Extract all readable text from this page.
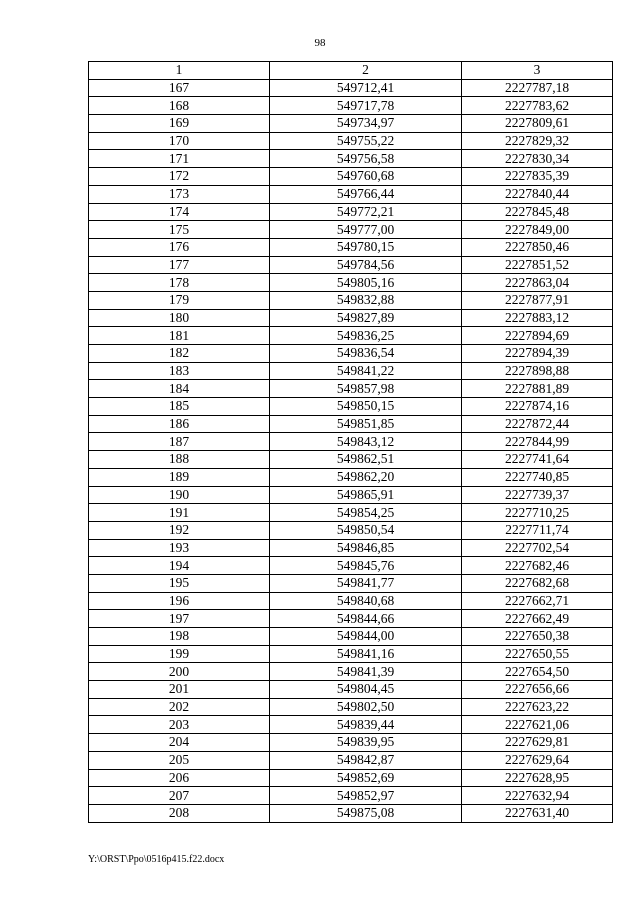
98
1	2	3
167	549712,41	2227787,18
168	549717,78	2227783,62
169	549734,97	2227809,61
170	549755,22	2227829,32
171	549756,58	2227830,34
172	549760,68	2227835,39
173	549766,44	2227840,44
174	549772,21	2227845,48
175	549777,00	2227849,00
176	549780,15	2227850,46
177	549784,56	2227851,52
178	549805,16	2227863,04
179	549832,88	2227877,91
180	549827,89	2227883,12
181	549836,25	2227894,69
182	549836,54	2227894,39
183	549841,22	2227898,88
184	549857,98	2227881,89
185	549850,15	2227874,16
186	549851,85	2227872,44
187	549843,12	2227844,99
188	549862,51	2227741,64
189	549862,20	2227740,85
190	549865,91	2227739,37
191	549854,25	2227710,25
192	549850,54	2227711,74
193	549846,85	2227702,54
194	549845,76	2227682,46
195	549841,77	2227682,68
196	549840,68	2227662,71
197	549844,66	2227662,49
198	549844,00	2227650,38
199	549841,16	2227650,55
200	549841,39	2227654,50
201	549804,45	2227656,66
202	549802,50	2227623,22
203	549839,44	2227621,06
204	549839,95	2227629,81
205	549842,87	2227629,64
206	549852,69	2227628,95
207	549852,97	2227632,94
208	549875,08	2227631,40
Y:\ORST\Ppo\0516p415.f22.docx
